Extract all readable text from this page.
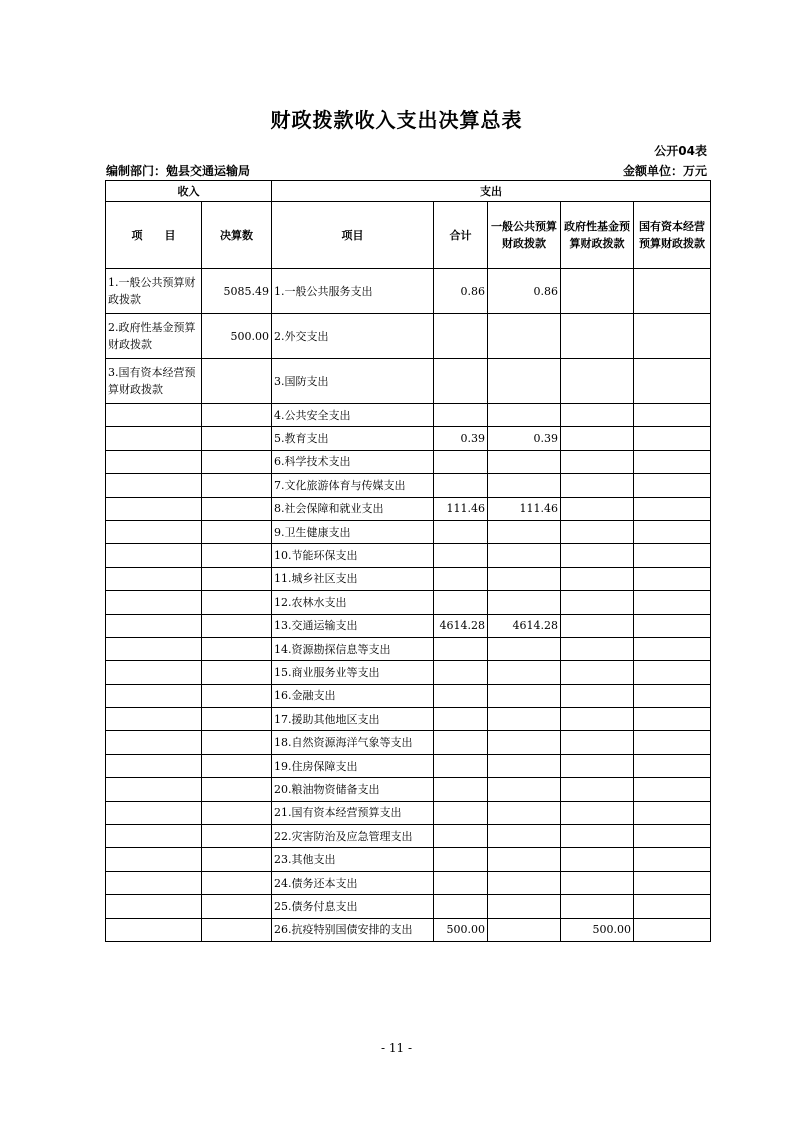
财政拨款收入支出决算总表
公开04表
编制部门：勉县交通运输局	金额单位：万元
收入		支出				
项　　目	决算数	项目	合计	一般公共预算财政拨款	政府性基金预算财政拨款	国有资本经营预算财政拨款
1.一般公共预算财政拨款	5085.49	1.一般公共服务支出	0.86	0.86		
2.政府性基金预算财政拨款	500.00	2.外交支出				
3.国有资本经营预算财政拨款		3.国防支出				
		4.公共安全支出				
		5.教育支出	0.39	0.39		
		6.科学技术支出				
		7.文化旅游体育与传媒支出				
		8.社会保障和就业支出	111.46	111.46		
		9.卫生健康支出				
		10.节能环保支出				
		11.城乡社区支出				
		12.农林水支出				
		13.交通运输支出	4614.28	4614.28		
		14.资源勘探信息等支出				
		15.商业服务业等支出				
		16.金融支出				
		17.援助其他地区支出				
		18.自然资源海洋气象等支出				
		19.住房保障支出				
		20.粮油物资储备支出				
		21.国有资本经营预算支出				
		22.灾害防治及应急管理支出				
		23.其他支出				
		24.债务还本支出				
		25.债务付息支出				
		26.抗疫特别国债安排的支出	500.00		500.00	
- 11 -
